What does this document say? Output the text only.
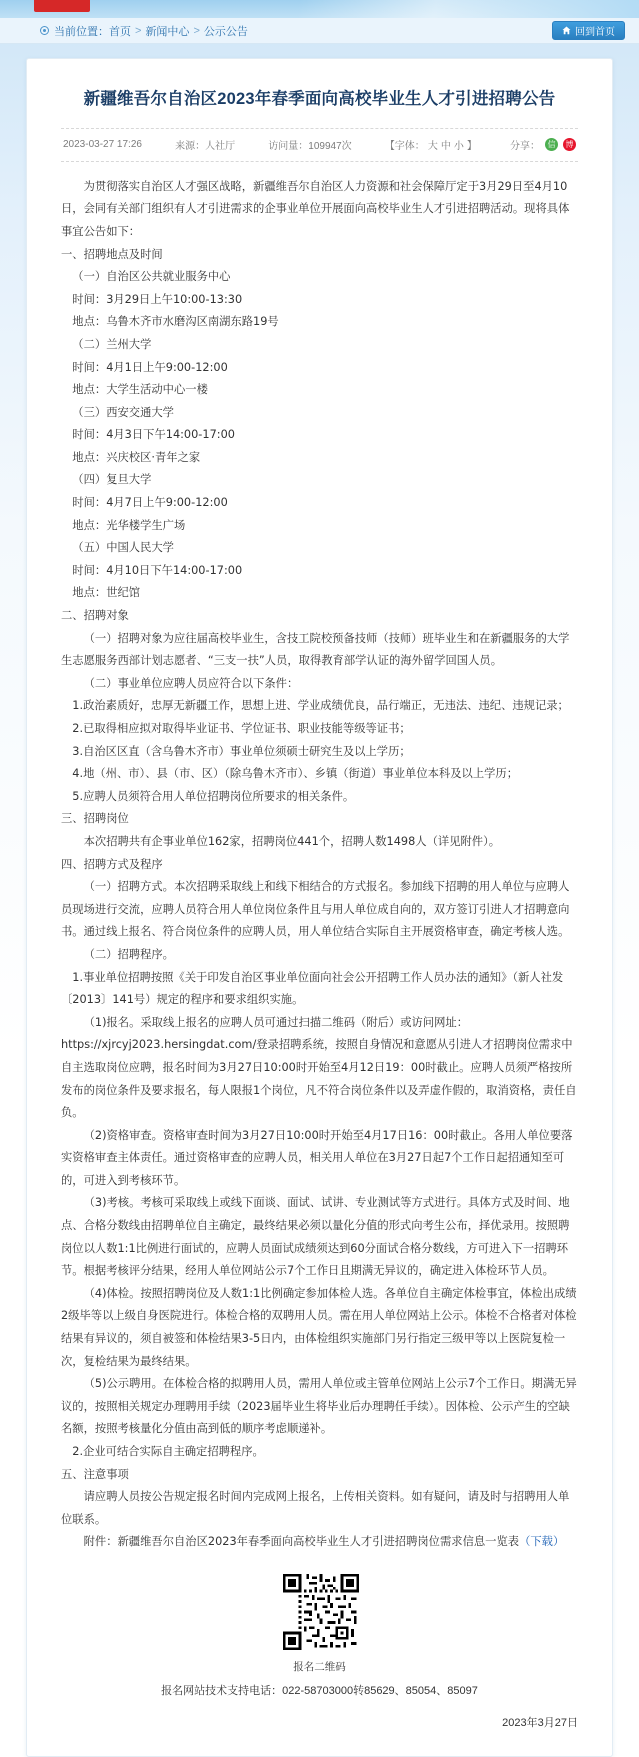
当前位置： 首页 > 新闻中心 > 公示公告	回到首页
新疆维吾尔自治区2023年春季面向高校毕业生人才引进招聘公告
2023-03-27 17:26	来源：人社厅	访问量：109947次	【字体： 大 中 小 】	分享： 信	博

为贯彻落实自治区人才强区战略，新疆维吾尔自治区人力资源和社会保障厅定于3月29日至4月10日，会同有关部门组织有人才引进需求的企事业单位开展面向高校毕业生人才引进招聘活动。现将具体事宜公告如下：

一、招聘地点及时间

（一）自治区公共就业服务中心

时间：3月29日上午10:00-13:30

地点：乌鲁木齐市水磨沟区南湖东路19号

（二）兰州大学

时间：4月1日上午9:00-12:00

地点：大学生活动中心一楼

（三）西安交通大学

时间：4月3日下午14:00-17:00

地点：兴庆校区·青年之家

（四）复旦大学

时间：4月7日上午9:00-12:00

地点：光华楼学生广场

（五）中国人民大学

时间：4月10日下午14:00-17:00

地点：世纪馆

二、招聘对象

（一）招聘对象为应往届高校毕业生，含技工院校预备技师（技师）班毕业生和在新疆服务的大学生志愿服务西部计划志愿者、“三支一扶”人员，取得教育部学认证的海外留学回国人员。

（二）事业单位应聘人员应符合以下条件：

1.政治素质好，忠厚无新疆工作，思想上进、学业成绩优良，品行端正，无违法、违纪、违规记录；

2.已取得相应拟对取得毕业证书、学位证书、职业技能等级等证书；

3.自治区区直（含乌鲁木齐市）事业单位须硕士研究生及以上学历；

4.地（州、市）、县（市、区）（除乌鲁木齐市）、乡镇（街道）事业单位本科及以上学历；

5.应聘人员须符合用人单位招聘岗位所要求的相关条件。

三、招聘岗位

本次招聘共有企事业单位162家，招聘岗位441个，招聘人数1498人（详见附件）。

四、招聘方式及程序

（一）招聘方式。本次招聘采取线上和线下相结合的方式报名。参加线下招聘的用人单位与应聘人员现场进行交流，应聘人员符合用人单位岗位条件且与用人单位成自向的，双方签订引进人才招聘意向书。通过线上报名、符合岗位条件的应聘人员，用人单位结合实际自主开展资格审查，确定考核人选。

（二）招聘程序。

1.事业单位招聘按照《关于印发自治区事业单位面向社会公开招聘工作人员办法的通知》（新人社发〔2013〕141号）规定的程序和要求组织实施。

（1)报名。采取线上报名的应聘人员可通过扫描二维码（附后）或访问网址：https://xjrcyj2023.hersingdat.com/登录招聘系统，按照自身情况和意愿从引进人才招聘岗位需求中自主选取岗位应聘，报名时间为3月27日10:00时开始至4月12日19：00时截止。应聘人员须严格按所发布的岗位条件及要求报名，每人限报1个岗位，凡不符合岗位条件以及弄虚作假的，取消资格，责任自负。

（2)资格审查。资格审查时间为3月27日10:00时开始至4月17日16：00时截止。各用人单位要落实资格审查主体责任。通过资格审查的应聘人员，相关用人单位在3月27日起7个工作日起招通知至可的，可进入到考核环节。

（3)考核。考核可采取线上或线下面谈、面试、试讲、专业测试等方式进行。具体方式及时间、地点、合格分数线由招聘单位自主确定，最终结果必须以量化分值的形式向考生公布，择优录用。按照聘岗位以人数1:1比例进行面试的，应聘人员面试成绩须达到60分面试合格分数线，方可进入下一招聘环节。根据考核评分结果，经用人单位网站公示7个工作日且期满无异议的，确定进入体检环节人员。

（4)体检。按照招聘岗位及人数1:1比例确定参加体检人选。各单位自主确定体检事宜，体检出成绩2级毕等以上级自身医院进行。体检合格的双聘用人员。需在用人单位网站上公示。体检不合格者对体检结果有异议的，须自被签和体检结果3-5日内，由体检组织实施部门另行指定三级甲等以上医院复检一次，复检结果为最终结果。

（5)公示聘用。在体检合格的拟聘用人员，需用人单位或主管单位网站上公示7个工作日。期满无异议的，按照相关规定办理聘用手续（2023届毕业生将毕业后办理聘任手续）。因体检、公示产生的空缺名额，按照考核量化分值由高到低的顺序考虑顺递补。

2.企业可结合实际自主确定招聘程序。

五、注意事项

请应聘人员按公告规定报名时间内完成网上报名，上传相关资料。如有疑问，请及时与招聘用人单位联系。

附件：新疆维吾尔自治区2023年春季面向高校毕业生人才引进招聘岗位需求信息一览表（下载）

报名二维码
报名网站技术支持电话：022-58703000转85629、85054、85097
2023年3月27日
